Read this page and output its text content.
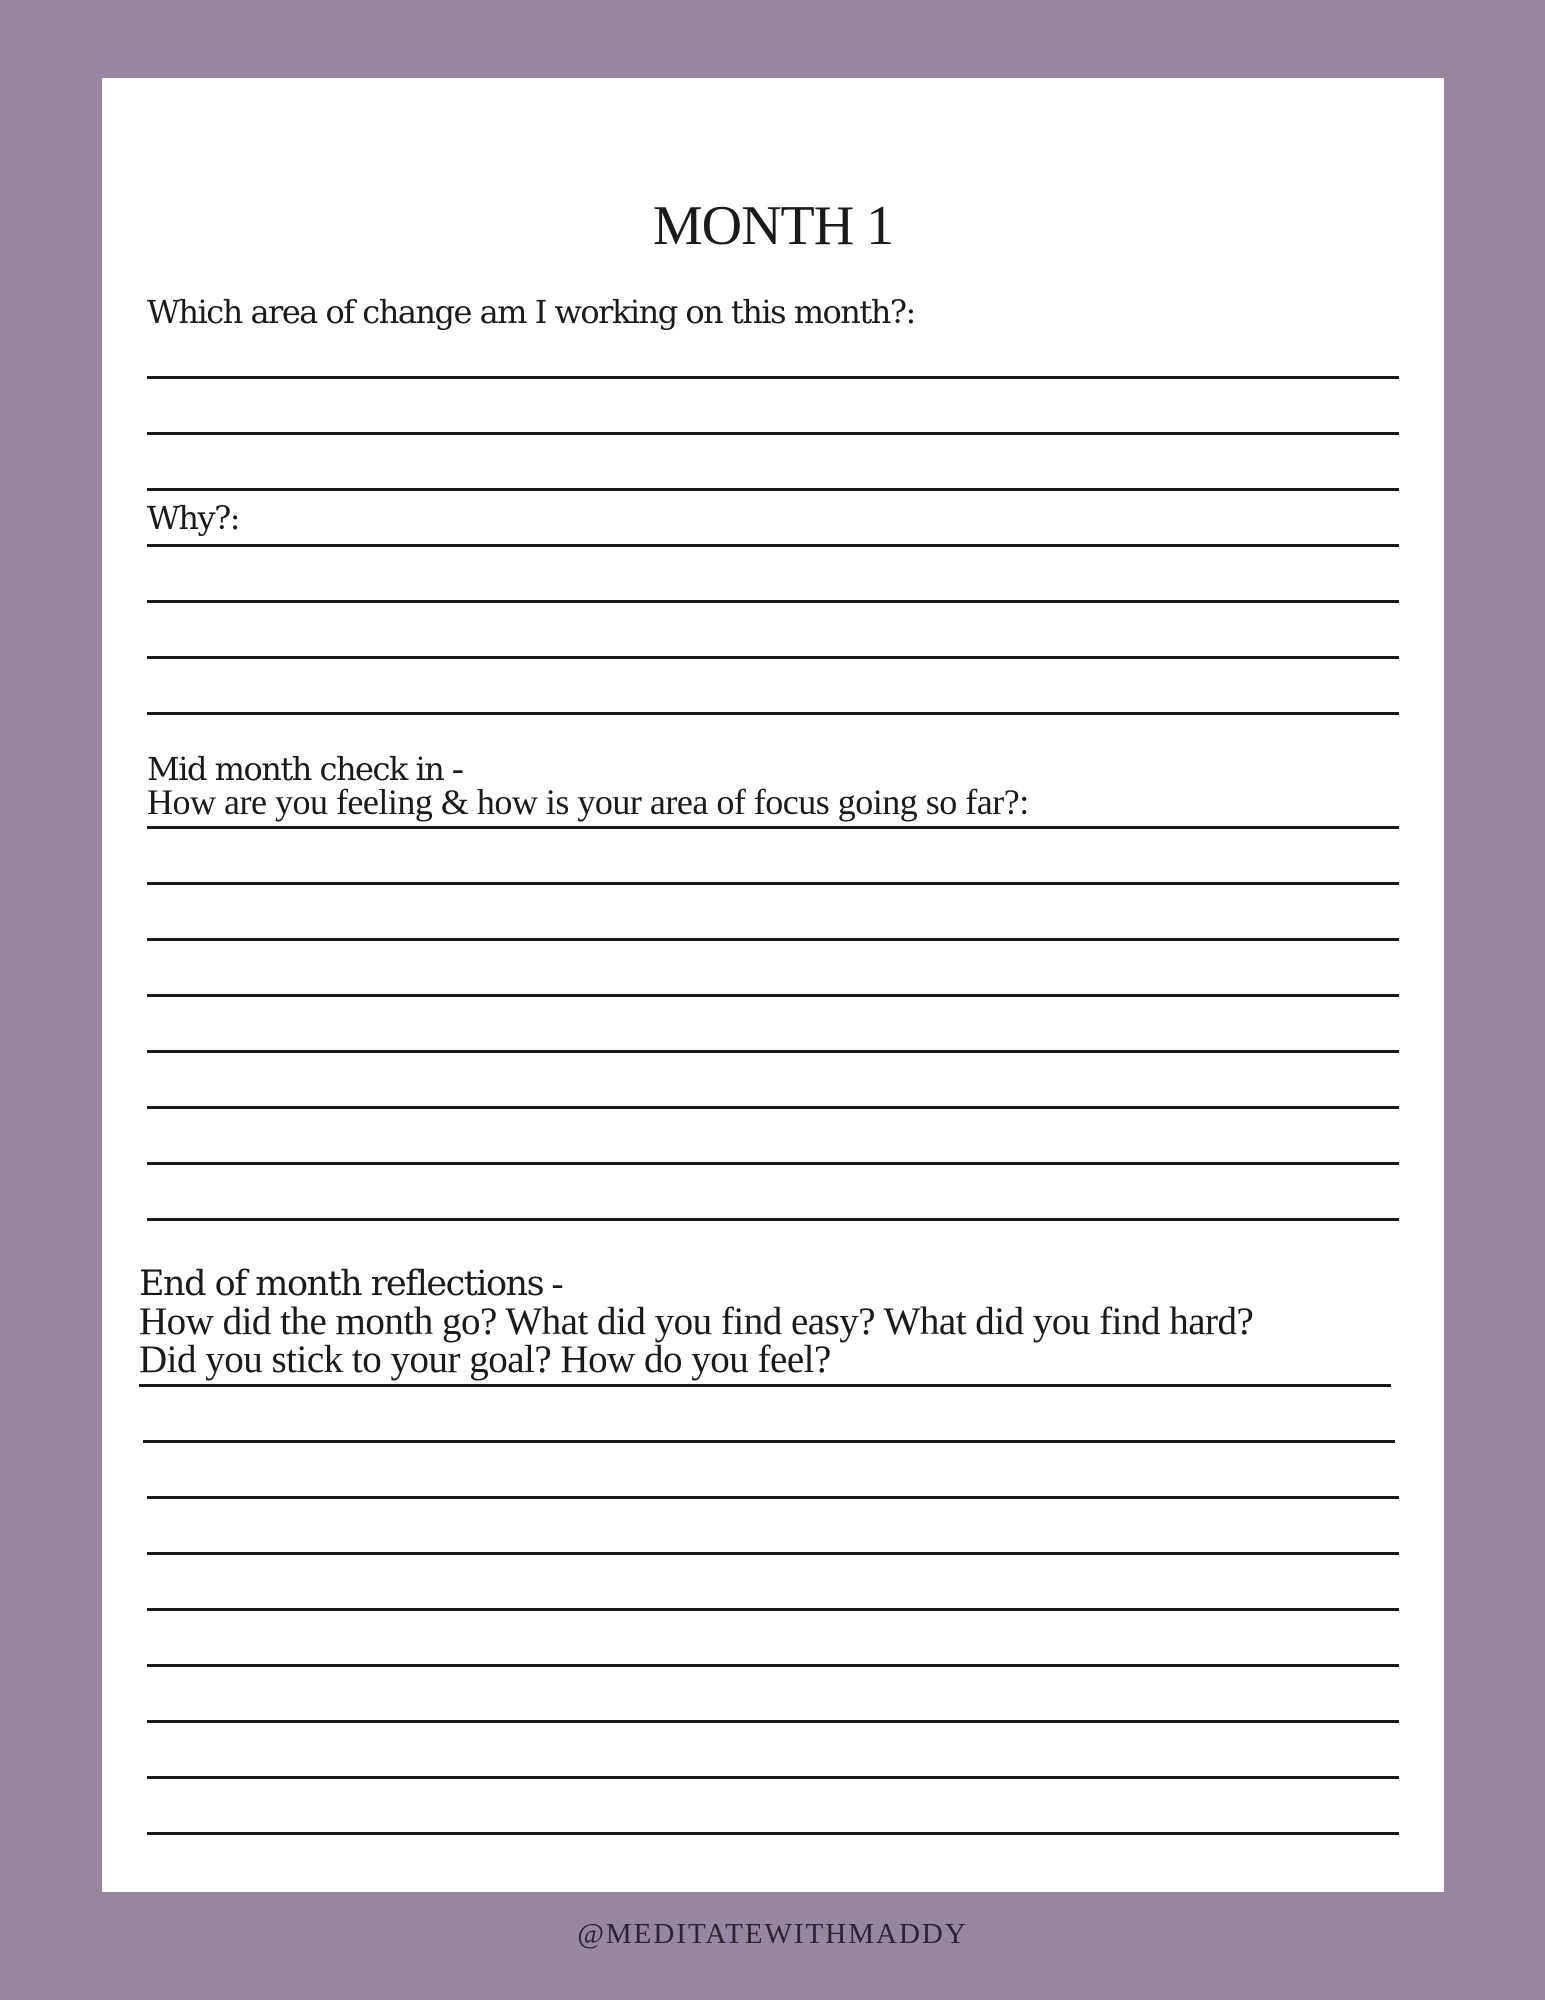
MONTH 1
Which area of change am I working on this month?:
Why?:
Mid month check in -
How are you feeling & how is your area of focus going so far?:
End of month reflections -
How did the month go? What did you find easy? What did you find hard?
Did you stick to your goal? How do you feel?
@MEDITATEWITHMADDY
